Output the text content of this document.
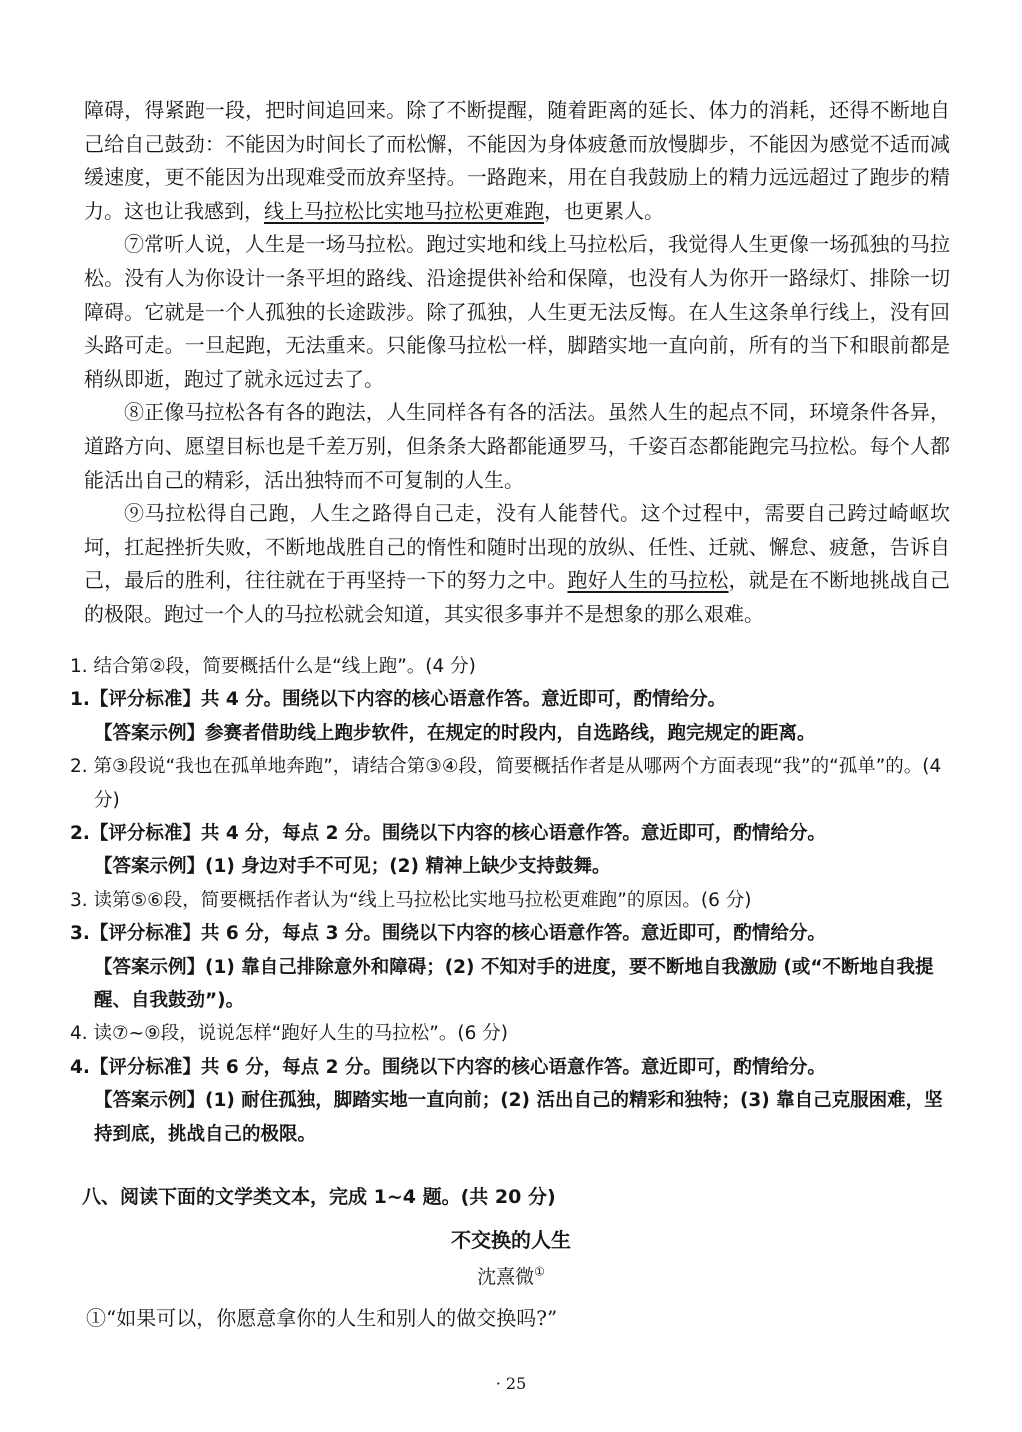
障碍，得紧跑一段，把时间追回来。除了不断提醒，随着距离的延长、体力的消耗，还得不断地自己给自己鼓劲：不能因为时间长了而松懈，不能因为身体疲惫而放慢脚步，不能因为感觉不适而减缓速度，更不能因为出现难受而放弃坚持。一路跑来，用在自我鼓励上的精力远远超过了跑步的精力。这也让我感到，线上马拉松比实地马拉松更难跑，也更累人。

⑦常听人说，人生是一场马拉松。跑过实地和线上马拉松后，我觉得人生更像一场孤独的马拉松。没有人为你设计一条平坦的路线、沿途提供补给和保障，也没有人为你开一路绿灯、排除一切障碍。它就是一个人孤独的长途跋涉。除了孤独，人生更无法反悔。在人生这条单行线上，没有回头路可走。一旦起跑，无法重来。只能像马拉松一样，脚踏实地一直向前，所有的当下和眼前都是稍纵即逝，跑过了就永远过去了。

⑧正像马拉松各有各的跑法，人生同样各有各的活法。虽然人生的起点不同，环境条件各异，道路方向、愿望目标也是千差万别，但条条大路都能通罗马，千姿百态都能跑完马拉松。每个人都能活出自己的精彩，活出独特而不可复制的人生。

⑨马拉松得自己跑，人生之路得自己走，没有人能替代。这个过程中，需要自己跨过崎岖坎坷，扛起挫折失败，不断地战胜自己的惰性和随时出现的放纵、任性、迁就、懈怠、疲惫，告诉自己，最后的胜利，往往就在于再坚持一下的努力之中。跑好人生的马拉松，就是在不断地挑战自己的极限。跑过一个人的马拉松就会知道，其实很多事并不是想象的那么艰难。

1. 结合第②段，简要概括什么是“线上跑”。(4 分)
1.【评分标准】共 4 分。围绕以下内容的核心语意作答。意近即可，酌情给分。
【答案示例】参赛者借助线上跑步软件，在规定的时段内，自选路线，跑完规定的距离。
2. 第③段说“我也在孤单地奔跑”，请结合第③④段，简要概括作者是从哪两个方面表现“我”的“孤单”的。(4 分)
2.【评分标准】共 4 分，每点 2 分。围绕以下内容的核心语意作答。意近即可，酌情给分。
【答案示例】(1) 身边对手不可见；(2) 精神上缺少支持鼓舞。
3. 读第⑤⑥段，简要概括作者认为“线上马拉松比实地马拉松更难跑”的原因。(6 分)
3.【评分标准】共 6 分，每点 3 分。围绕以下内容的核心语意作答。意近即可，酌情给分。
【答案示例】(1) 靠自己排除意外和障碍；(2) 不知对手的进度，要不断地自我激励 (或“不断地自我提醒、自我鼓劲”)。
4. 读⑦~⑨段，说说怎样“跑好人生的马拉松”。(6 分)
4.【评分标准】共 6 分，每点 2 分。围绕以下内容的核心语意作答。意近即可，酌情给分。
【答案示例】(1) 耐住孤独，脚踏实地一直向前；(2) 活出自己的精彩和独特；(3) 靠自己克服困难，坚持到底，挑战自己的极限。
八、阅读下面的文学类文本，完成 1~4 题。(共 20 分)
不交换的人生
沈熹微①
①“如果可以，你愿意拿你的人生和别人的做交换吗?”
· 25
